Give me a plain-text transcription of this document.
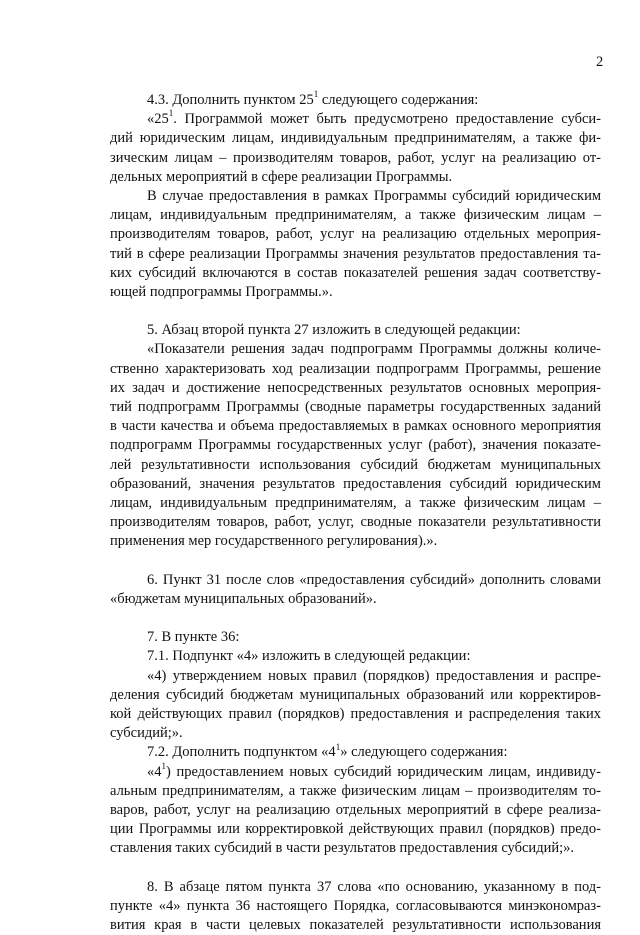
2
4.3. Дополнить пунктом $25^1$ следующего содержания:
«$25^1$. Программой может быть предусмотрено предоставление субси-
дий юридическим лицам, индивидуальным предпринимателям, а также фи-
зическим лицам – производителям товаров, работ, услуг на реализацию от-
дельных мероприятий в сфере реализации Программы.
В случае предоставления в рамках Программы субсидий юридическим
лицам, индивидуальным предпринимателям, а также физическим лицам –
производителям товаров, работ, услуг на реализацию отдельных мероприя-
тий в сфере реализации Программы значения результатов предоставления та-
ких субсидий включаются в состав показателей решения задач соответству-
ющей подпрограммы Программы.».
5. Абзац второй пункта 27 изложить в следующей редакции:
«Показатели решения задач подпрограмм Программы должны количе-
ственно характеризовать ход реализации подпрограмм Программы, решение
их задач и достижение непосредственных результатов основных мероприя-
тий подпрограмм Программы (сводные параметры государственных заданий
в части качества и объема предоставляемых в рамках основного мероприятия
подпрограмм Программы государственных услуг (работ), значения показате-
лей результативности использования субсидий бюджетам муниципальных
образований, значения результатов предоставления субсидий юридическим
лицам, индивидуальным предпринимателям, а также физическим лицам –
производителям товаров, работ, услуг, сводные показатели результативности
применения мер государственного регулирования).».
6. Пункт 31 после слов «предоставления субсидий» дополнить словами
«бюджетам муниципальных образований».
7. В пункте 36:
7.1. Подпункт «4» изложить в следующей редакции:
«4) утверждением новых правил (порядков) предоставления и распре-
деления субсидий бюджетам муниципальных образований или корректиров-
кой действующих правил (порядков) предоставления и распределения таких
субсидий;».
7.2. Дополнить подпунктом «$4^1$» следующего содержания:
«$4^1$) предоставлением новых субсидий юридическим лицам, индивиду-
альным предпринимателям, а также физическим лицам – производителям то-
варов, работ, услуг на реализацию отдельных мероприятий в сфере реализа-
ции Программы или корректировкой действующих правил (порядков) предо-
ставления таких субсидий в части результатов предоставления субсидий;».
8. В абзаце пятом пункта 37 слова «по основанию, указанному в под-
пункте «4» пункта 36 настоящего Порядка, согласовываются минэкономраз-
вития края в части целевых показателей результативности использования
